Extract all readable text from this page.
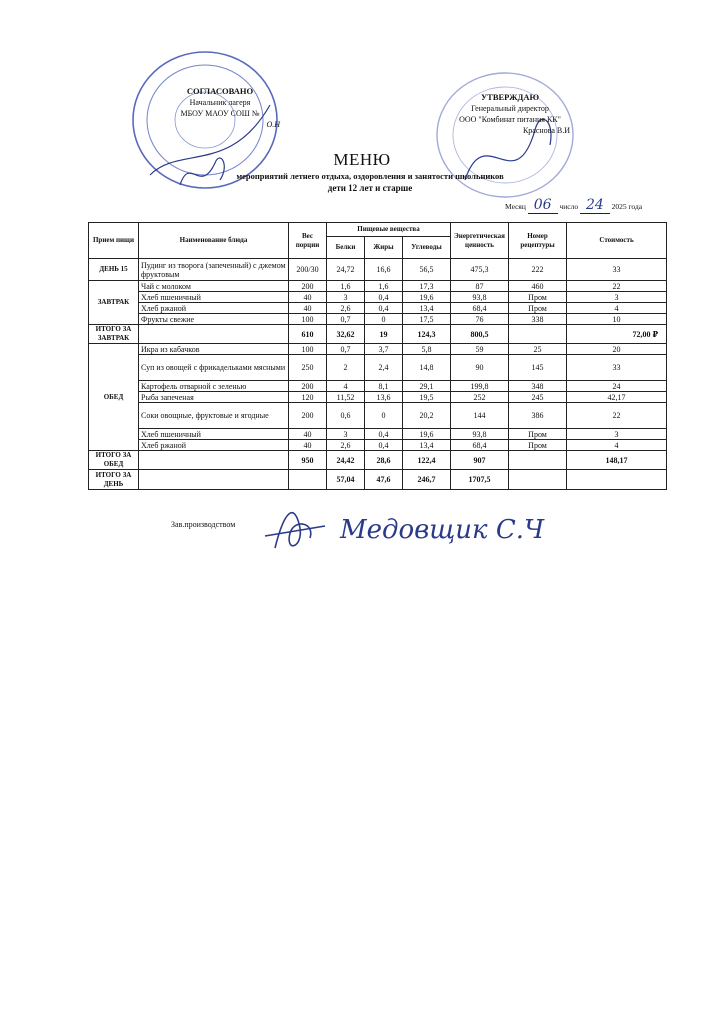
СОГЛАСОВАНО
Начальник лагеря
МБОУ МАОУ СОШ №
О.Н
УТВЕРЖДАЮ
Генеральный директор
ООО "Комбинат питания КК"
Краснова В.И
МЕНЮ
мероприятий летнего отдыха, оздоровления и занятости школьников
дети 12 лет и старше
Месяц 06 число 24 2025 года
Прием пищи	Наименование блюда	Вес порции	Пищевые вещества			Энергетическая ценность	Номер рецептуры	Стоимость
			Белки	Жиры	Углеводы			
ДЕНЬ 15	Пудинг из творога (запеченный) с джемом фруктовым	200/30	24,72	16,6	56,5	475,3	222	33
ЗАВТРАК	Чай с молоком	200	1,6	1,6	17,3	87	460	22
	Хлеб пшеничный	40	3	0,4	19,6	93,8	Пром	3
	Хлеб ржаной	40	2,6	0,4	13,4	68,4	Пром	4
	Фрукты свежие	100	0,7	0	17,5	76	338	10
ИТОГО ЗА ЗАВТРАК		610	32,62	19	124,3	800,5		72,00 ₽
ОБЕД	Икра из кабачков	100	0,7	3,7	5,8	59	25	20
	Суп из овощей с фрикадельками мясными	250	2	2,4	14,8	90	145	33
	Картофель отварной с зеленью	200	4	8,1	29,1	199,8	348	24
	Рыба запеченая	120	11,52	13,6	19,5	252	245	42,17
	Соки овощные, фруктовые и ягодные	200	0,6	0	20,2	144	386	22
	Хлеб пшеничный	40	3	0,4	19,6	93,8	Пром	3
	Хлеб ржаной	40	2,6	0,4	13,4	68,4	Пром	4
ИТОГО ЗА ОБЕД		950	24,42	28,6	122,4	907		148,17
ИТОГО ЗА ДЕНЬ			57,04	47,6	246,7	1707,5		
Зав.производством	Медовщик С.Ч
